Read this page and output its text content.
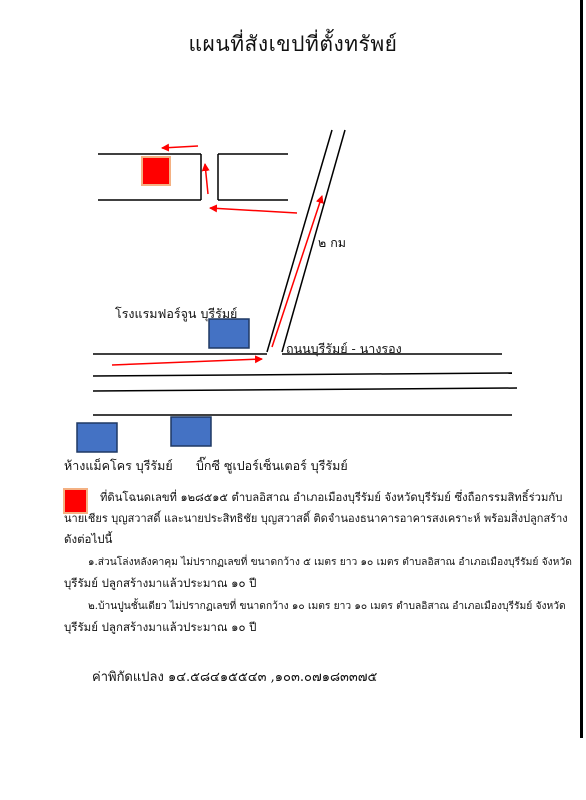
แผนที่สังเขปที่ตั้งทรัพย์
๒ กม
โรงแรมฟอร์จูน บุรีรัมย์
ถนนบุรีรัมย์ - นางรอง
ห้างแม็คโคร บุรีรัมย์ บิ๊กซี ซูเปอร์เซ็นเตอร์ บุรีรัมย์
ที่ดินโฉนดเลขที่ ๑๒๘๕๑๕ ตำบลอิสาณ อำเภอเมืองบุรีรัมย์ จังหวัดบุรีรัมย์ ซึ่งถือกรรมสิทธิ์ร่วมกับ
นายเชียร บุญสวาสดิ์ และนายประสิทธิชัย บุญสวาสดิ์ ติดจำนองธนาคารอาคารสงเคราะห์ พร้อมสิ่งปลูกสร้าง
ดังต่อไปนี้
๑.ส่วนโล่งหลังคาคุม ไม่ปรากฏเลขที่ ขนาดกว้าง ๕ เมตร ยาว ๑๐ เมตร ตำบลอิสาณ อำเภอเมืองบุรีรัมย์ จังหวัด
บุรีรัมย์ ปลูกสร้างมาแล้วประมาณ ๑๐ ปี
๒.บ้านปูนชั้นเดียว ไม่ปรากฏเลขที่ ขนาดกว้าง ๑๐ เมตร ยาว ๑๐ เมตร ตำบลอิสาณ อำเภอเมืองบุรีรัมย์ จังหวัด
บุรีรัมย์ ปลูกสร้างมาแล้วประมาณ ๑๐ ปี
ค่าพิกัดแปลง ๑๔.๕๘๔๑๕๕๔๓ ,๑๐๓.๐๗๑๘๓๓๗๕
